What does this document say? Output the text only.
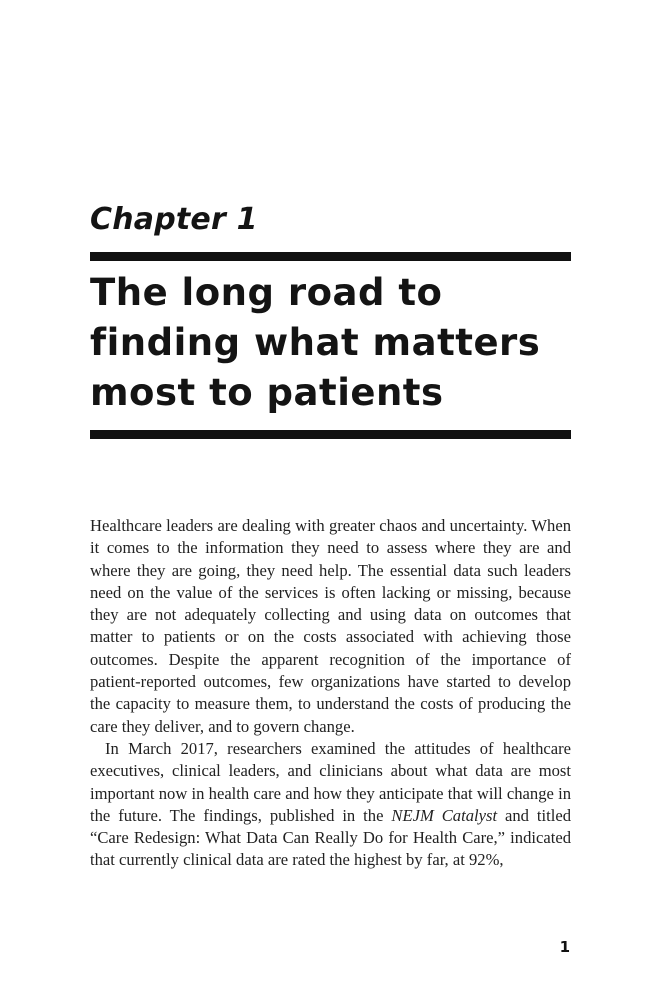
Chapter 1
The long road to finding what matters most to patients

Healthcare leaders are dealing with greater chaos and uncertainty. When it comes to the information they need to assess where they are and where they are going, they need help. The essential data such leaders need on the value of the services is often lacking or missing, because they are not adequately collecting and using data on outcomes that matter to patients or on the costs associated with achieving those outcomes. Despite the apparent recognition of the importance of patient-reported outcomes, few organizations have started to develop the capacity to measure them, to understand the costs of producing the care they deliver, and to govern change.

In March 2017, researchers examined the attitudes of healthcare executives, clinical leaders, and clinicians about what data are most important now in health care and how they anticipate that will change in the future. The findings, published in the NEJM Catalyst and titled “Care Redesign: What Data Can Really Do for Health Care,” indicated that currently clinical data are rated the highest by far, at 92%,

1
